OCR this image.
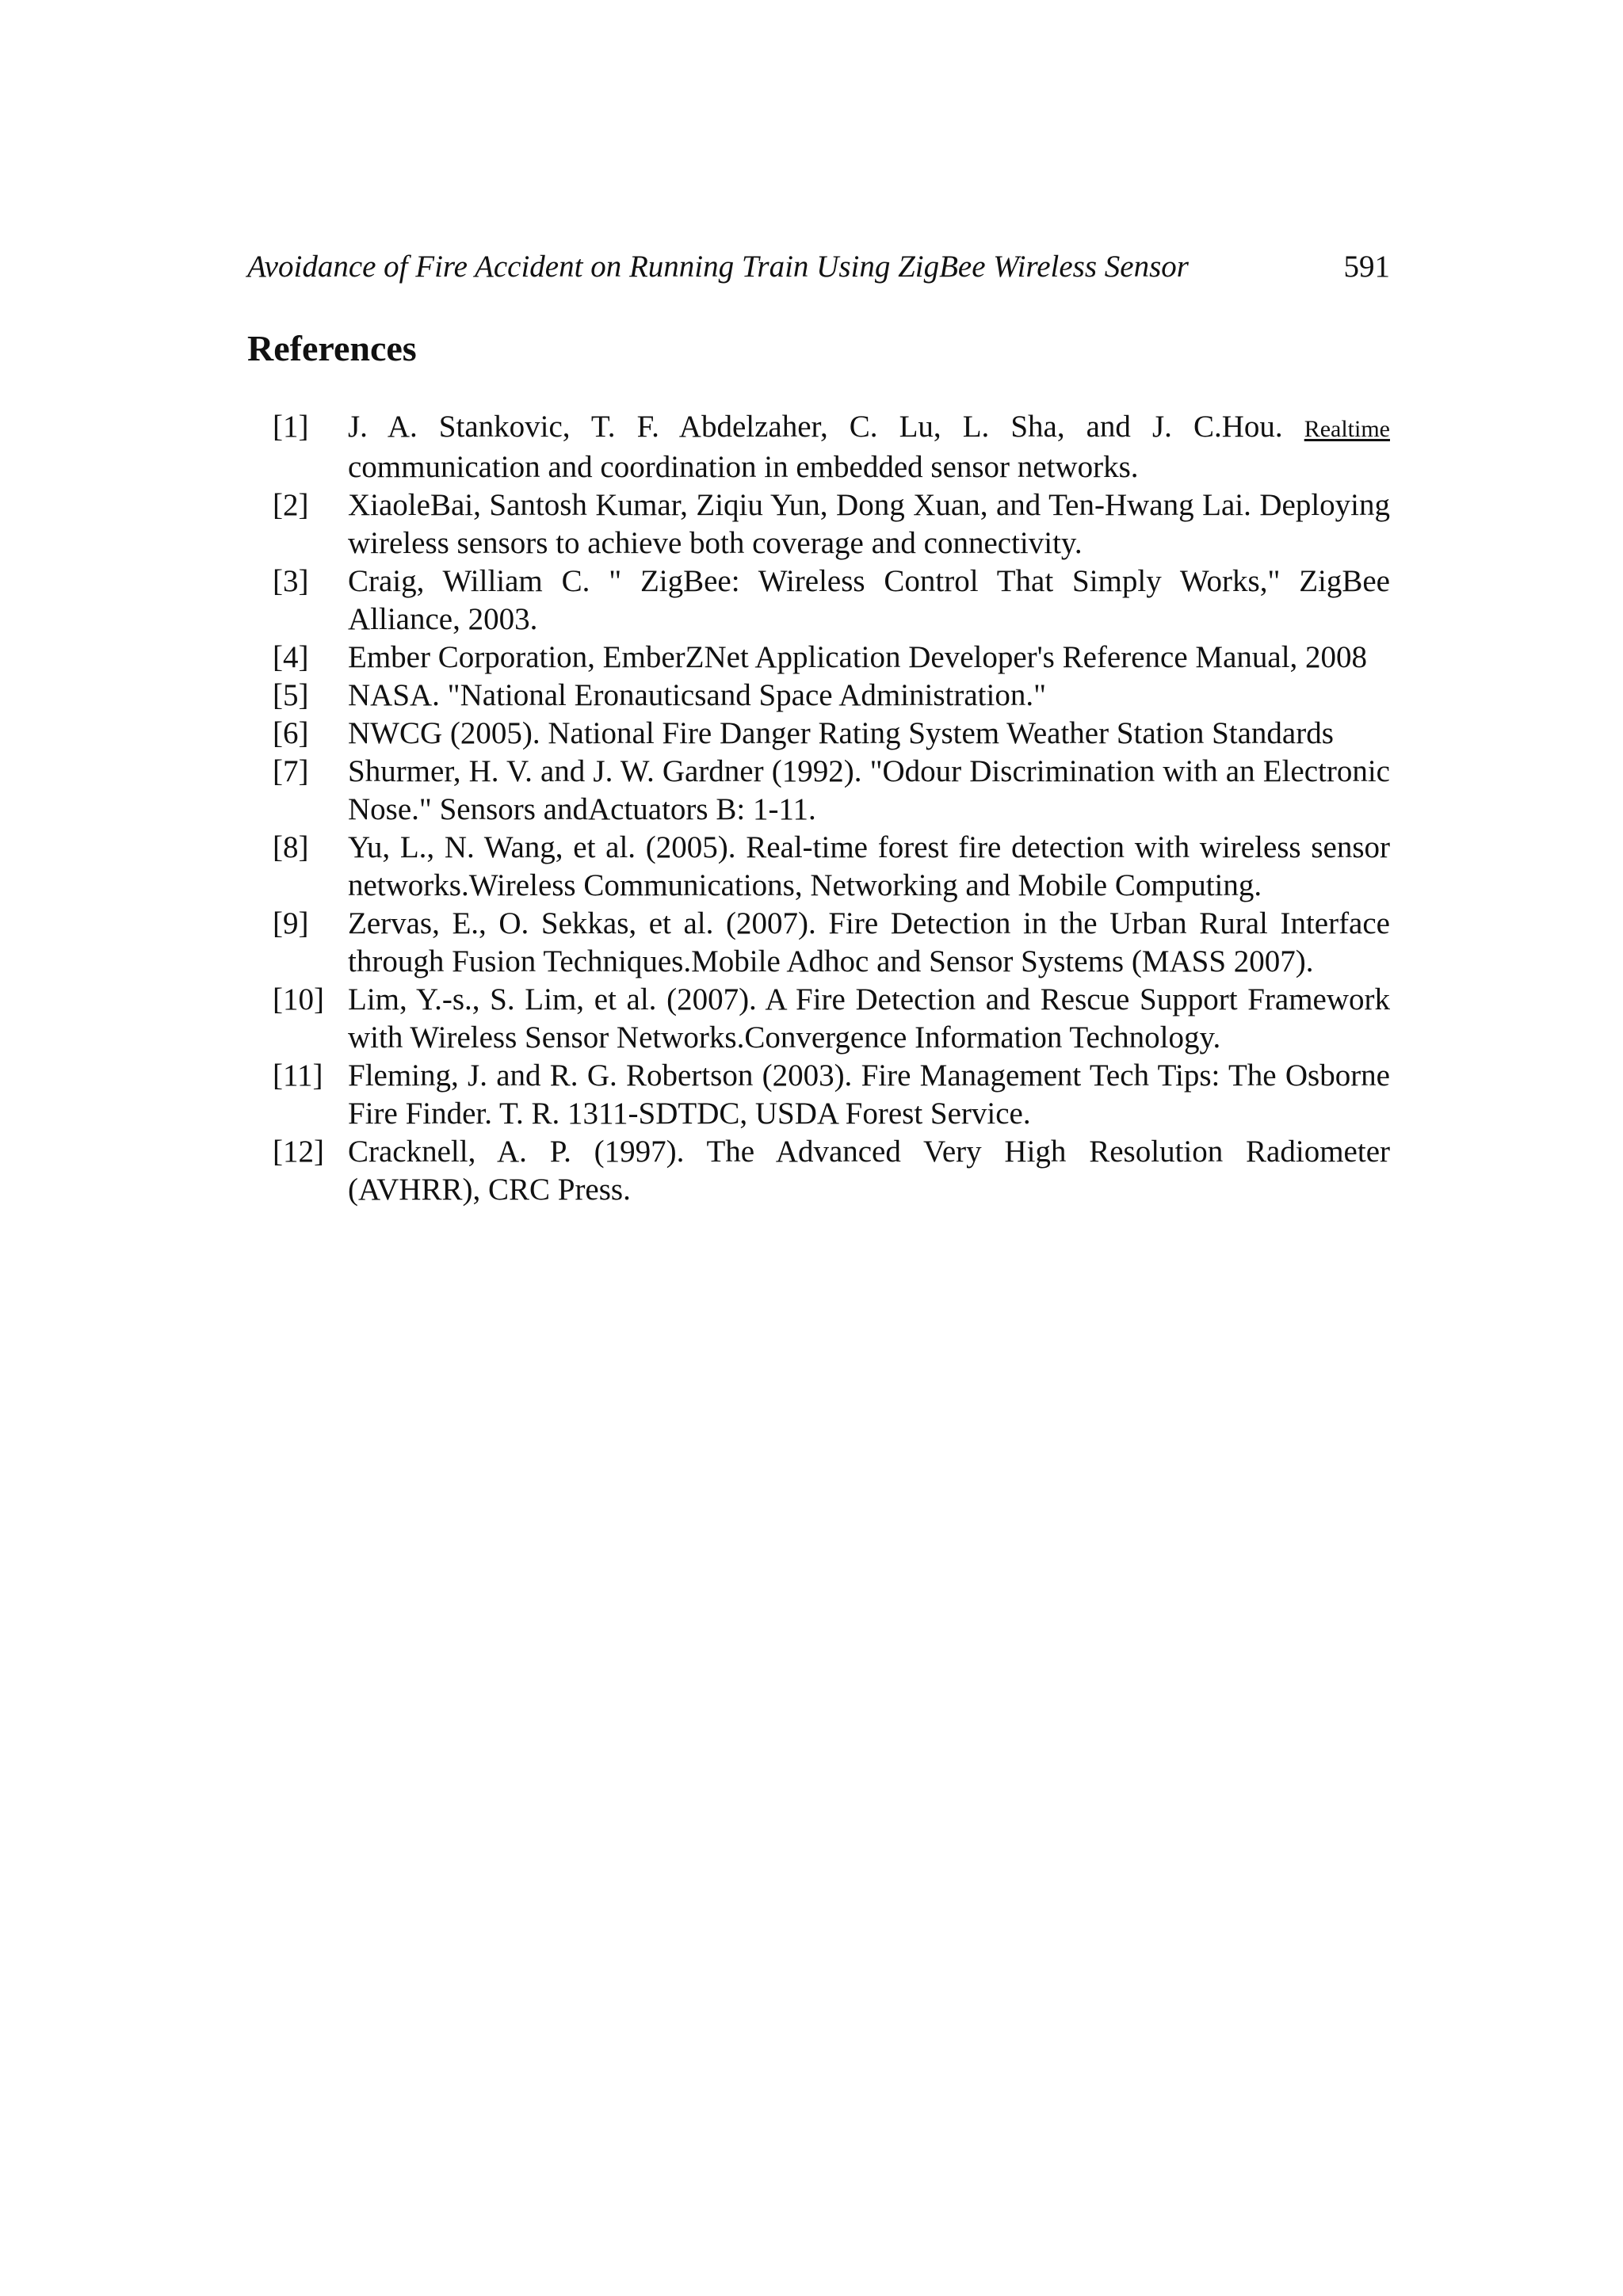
Avoidance of Fire Accident on Running Train Using ZigBee Wireless Sensor	591
References
[1]	J. A. Stankovic, T. F. Abdelzaher, C. Lu, L. Sha, and J. C.Hou. Realtime communication and coordination in embedded sensor networks.
[2]	XiaoleBai, Santosh Kumar, Ziqiu Yun, Dong Xuan, and Ten-Hwang Lai. Deploying wireless sensors to achieve both coverage and connectivity.
[3]	Craig, William C. " ZigBee: Wireless Control That Simply Works," ZigBee Alliance, 2003.
[4]	Ember Corporation, EmberZNet Application Developer's Reference Manual, 2008
[5]	NASA. "National Eronauticsand Space Administration."
[6]	NWCG (2005). National Fire Danger Rating System Weather Station Standards
[7]	Shurmer, H. V. and J. W. Gardner (1992). "Odour Discrimination with an Electronic Nose." Sensors andActuators B: 1-11.
[8]	Yu, L., N. Wang, et al. (2005). Real-time forest fire detection with wireless sensor networks.Wireless Communications, Networking and Mobile Computing.
[9]	Zervas, E., O. Sekkas, et al. (2007). Fire Detection in the Urban Rural Interface through Fusion Techniques.Mobile Adhoc and Sensor Systems (MASS 2007).
[10] Lim, Y.-s., S. Lim, et al. (2007). A Fire Detection and Rescue Support Framework with Wireless Sensor Networks.Convergence Information Technology.
[11] Fleming, J. and R. G. Robertson (2003). Fire Management Tech Tips: The Osborne Fire Finder. T. R. 1311-SDTDC, USDA Forest Service.
[12] Cracknell, A. P. (1997). The Advanced Very High Resolution Radiometer (AVHRR), CRC Press.
